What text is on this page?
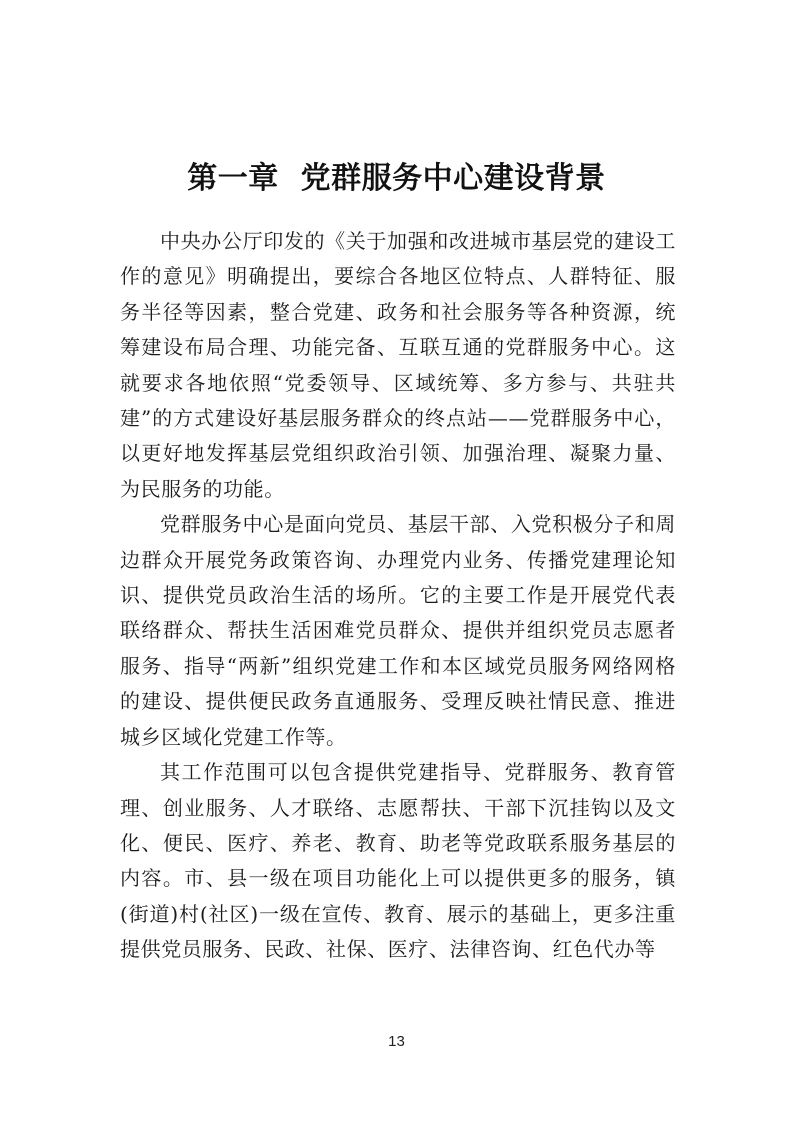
第一章  党群服务中心建设背景

中央办公厅印发的《关于加强和改进城市基层党的建设工作的意见》明确提出，要综合各地区位特点、人群特征、服务半径等因素，整合党建、政务和社会服务等各种资源，统筹建设布局合理、功能完备、互联互通的党群服务中心。这就要求各地依照“党委领导、区域统筹、多方参与、共驻共建”的方式建设好基层服务群众的终点站——党群服务中心，以更好地发挥基层党组织政治引领、加强治理、凝聚力量、为民服务的功能。

党群服务中心是面向党员、基层干部、入党积极分子和周边群众开展党务政策咨询、办理党内业务、传播党建理论知识、提供党员政治生活的场所。它的主要工作是开展党代表联络群众、帮扶生活困难党员群众、提供并组织党员志愿者服务、指导“两新”组织党建工作和本区域党员服务网络网格的建设、提供便民政务直通服务、受理反映社情民意、推进城乡区域化党建工作等。

其工作范围可以包含提供党建指导、党群服务、教育管理、创业服务、人才联络、志愿帮扶、干部下沉挂钩以及文化、便民、医疗、养老、教育、助老等党政联系服务基层的内容。市、县一级在项目功能化上可以提供更多的服务，镇(街道)村(社区)一级在宣传、教育、展示的基础上，更多注重提供党员服务、民政、社保、医疗、法律咨询、红色代办等

13
